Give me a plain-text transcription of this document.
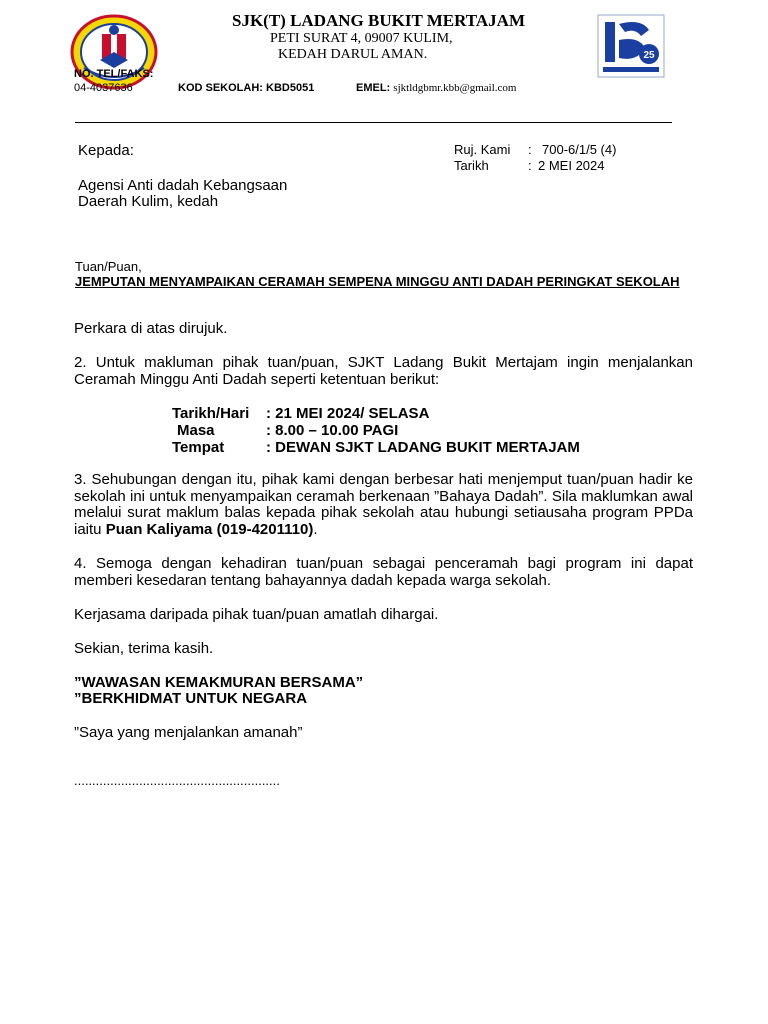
25
SJK(T) LADANG BUKIT MERTAJAM
PETI SURAT 4, 09007 KULIM,
KEDAH DARUL AMAN.
NO. TEL/FAKS:
04-4037636	KOD SEKOLAH: KBD5051	EMEL: sjktldgbmr.kbb@gmail.com
Kepada:
Agensi Anti dadah Kebangsaan
Daerah Kulim, kedah
Ruj. Kami : 700-6/1/5 (4)
Tarikh	: 2 MEI 2024
Tuan/Puan,
JEMPUTAN MENYAMPAIKAN CERAMAH SEMPENA MINGGU ANTI DADAH PERINGKAT SEKOLAH
Perkara di atas dirujuk.
2. Untuk makluman pihak tuan/puan, SJKT Ladang Bukit Mertajam ingin menjalankan Ceramah Minggu Anti Dadah seperti ketentuan berikut:
Tarikh/Hari : 21 MEI 2024/ SELASA
Masa	: 8.00 – 10.00 PAGI
Tempat	: DEWAN SJKT LADANG BUKIT MERTAJAM
3. Sehubungan dengan itu, pihak kami dengan berbesar hati menjemput tuan/puan hadir ke sekolah ini untuk menyampaikan ceramah berkenaan ”Bahaya Dadah”. Sila maklumkan awal melalui surat maklum balas kepada pihak sekolah atau hubungi setiausaha program PPDa iaitu Puan Kaliyama (019-4201110).
4. Semoga dengan kehadiran tuan/puan sebagai penceramah bagi program ini dapat memberi kesedaran tentang bahayannya dadah kepada warga sekolah.
Kerjasama daripada pihak tuan/puan amatlah dihargai.
Sekian, terima kasih.
”WAWASAN KEMAKMURAN BERSAMA”
”BERKHIDMAT UNTUK NEGARA
”Saya yang menjalankan amanah”
.........................................................
